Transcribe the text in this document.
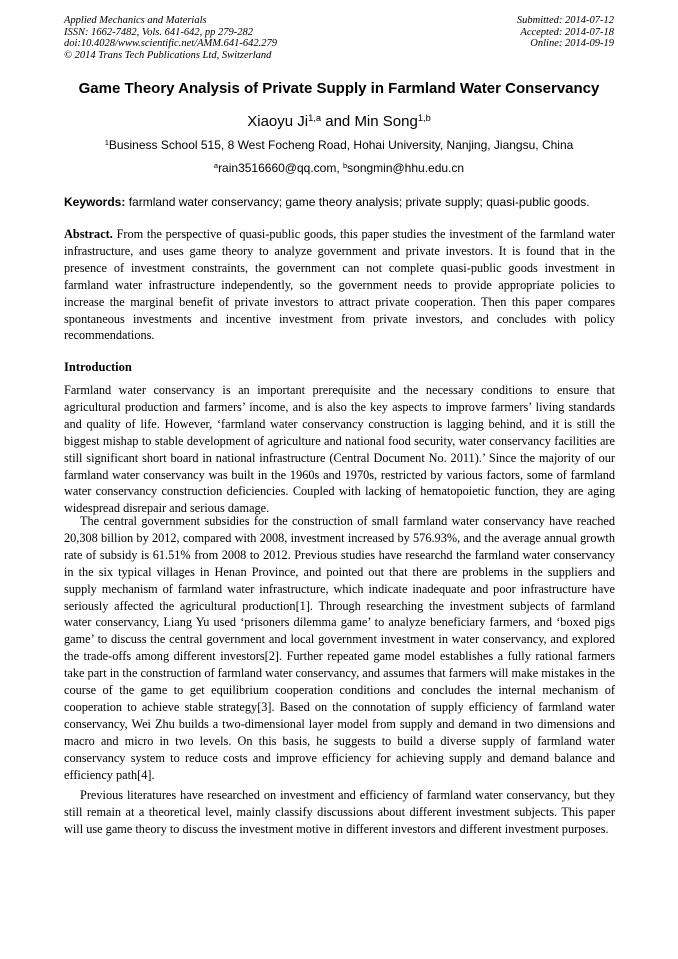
Applied Mechanics and Materials
ISSN: 1662-7482, Vols. 641-642, pp 279-282
doi:10.4028/www.scientific.net/AMM.641-642.279
© 2014 Trans Tech Publications Ltd, Switzerland
Submitted: 2014-07-12
Accepted: 2014-07-18
Online: 2014-09-19
Game Theory Analysis of Private Supply in Farmland Water Conservancy
Xiaoyu Ji$^{1,a}$ and Min Song$^{1,b}$
$^1$Business School 515, 8 West Focheng Road, Hohai University, Nanjing, Jiangsu, China
$^a$rain3516660@qq.com, $^b$songmin@hhu.edu.cn
Keywords: farmland water conservancy; game theory analysis; private supply; quasi-public goods.
Abstract. From the perspective of quasi-public goods, this paper studies the investment of the farmland water infrastructure, and uses game theory to analyze government and private investors. It is found that in the presence of investment constraints, the government can not complete quasi-public goods investment in farmland water infrastructure independently, so the government needs to provide appropriate policies to increase the marginal benefit of private investors to attract private cooperation. Then this paper compares spontaneous investments and incentive investment from private investors, and concludes with policy recommendations.
Introduction
Farmland water conservancy is an important prerequisite and the necessary conditions to ensure that agricultural production and farmers’ income, and is also the key aspects to improve farmers’ living standards and quality of life. However, ‘farmland water conservancy construction is lagging behind, and it is still the biggest mishap to stable development of agriculture and national food security, water conservancy facilities are still significant short board in national infrastructure (Central Document No. 2011).’ Since the majority of our farmland water conservancy was built in the 1960s and 1970s, restricted by various factors, some of farmland water conservancy construction deficiencies. Coupled with lacking of hematopoietic function, they are aging widespread disrepair and serious damage.
The central government subsidies for the construction of small farmland water conservancy have reached 20,308 billion by 2012, compared with 2008, investment increased by 576.93%, and the average annual growth rate of subsidy is 61.51% from 2008 to 2012. Previous studies have researchd the farmland water conservancy in the six typical villages in Henan Province, and pointed out that there are problems in the suppliers and supply mechanism of farmland water infrastructure, which indicate inadequate and poor infrastructure have seriously affected the agricultural production[1]. Through researching the investment subjects of farmland water conservancy, Liang Yu used ‘prisoners dilemma game’ to analyze beneficiary farmers, and ‘boxed pigs game’ to discuss the central government and local government investment in water conservancy, and explored the trade-offs among different investors[2]. Further repeated game model establishes a fully rational farmers take part in the construction of farmland water conservancy, and assumes that farmers will make mistakes in the course of the game to get equilibrium cooperation conditions and concludes the internal mechanism of cooperation to achieve stable strategy[3]. Based on the connotation of supply efficiency of farmland water conservancy, Wei Zhu builds a two-dimensional layer model from supply and demand in two dimensions and macro and micro in two levels. On this basis, he suggests to build a diverse supply of farmland water conservancy system to reduce costs and improve efficiency for achieving supply and demand balance and efficiency path[4].
Previous literatures have researched on investment and efficiency of farmland water conservancy, but they still remain at a theoretical level, mainly classify discussions about different investment subjects. This paper will use game theory to discuss the investment motive in different investors and different investment purposes.
